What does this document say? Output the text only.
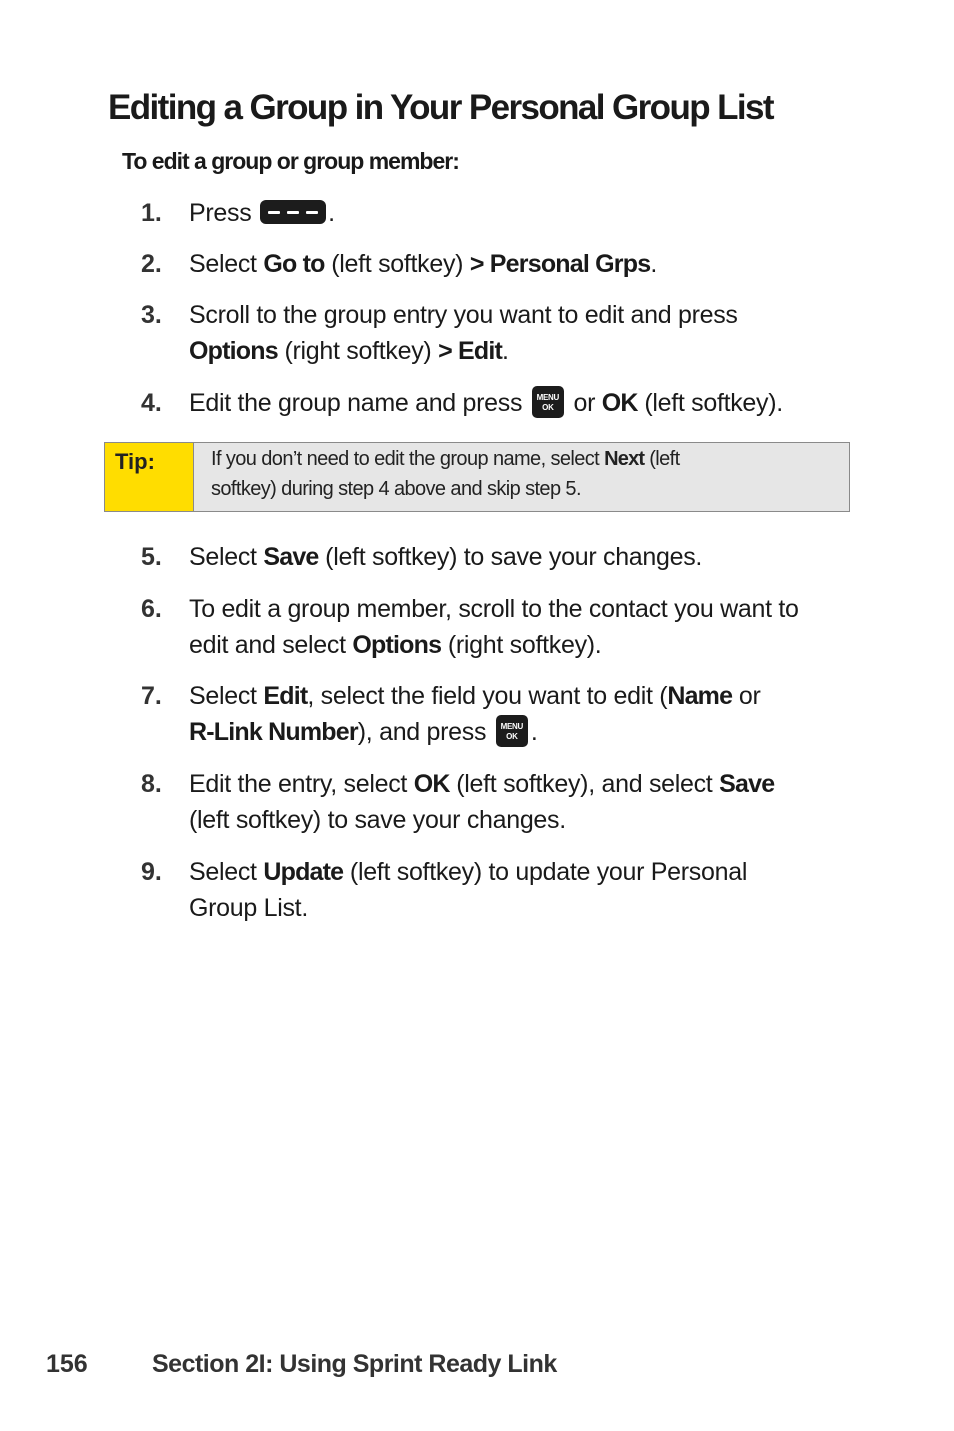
Editing a Group in Your Personal Group List
To edit a group or group member:
1. Press	.
2. Select Go to (left softkey) > Personal Grps.
3. Scroll to the group entry you want to edit and press
Options (right softkey) > Edit.
4. Edit the group name and press MENU
OK or OK (left softkey).
Tip:	If you don’t need to edit the group name, select Next (left
softkey) during step 4 above and skip step 5.
5. Select Save (left softkey) to save your changes.
6. To edit a group member, scroll to the contact you want to
edit and select Options (right softkey).
7. Select Edit, select the field you want to edit (Name or
R-Link Number), and press MENU
OK .
8. Edit the entry, select OK (left softkey), and select Save
(left softkey) to save your changes.
9. Select Update (left softkey) to update your Personal
Group List.
156	Section 2I: Using Sprint Ready Link
